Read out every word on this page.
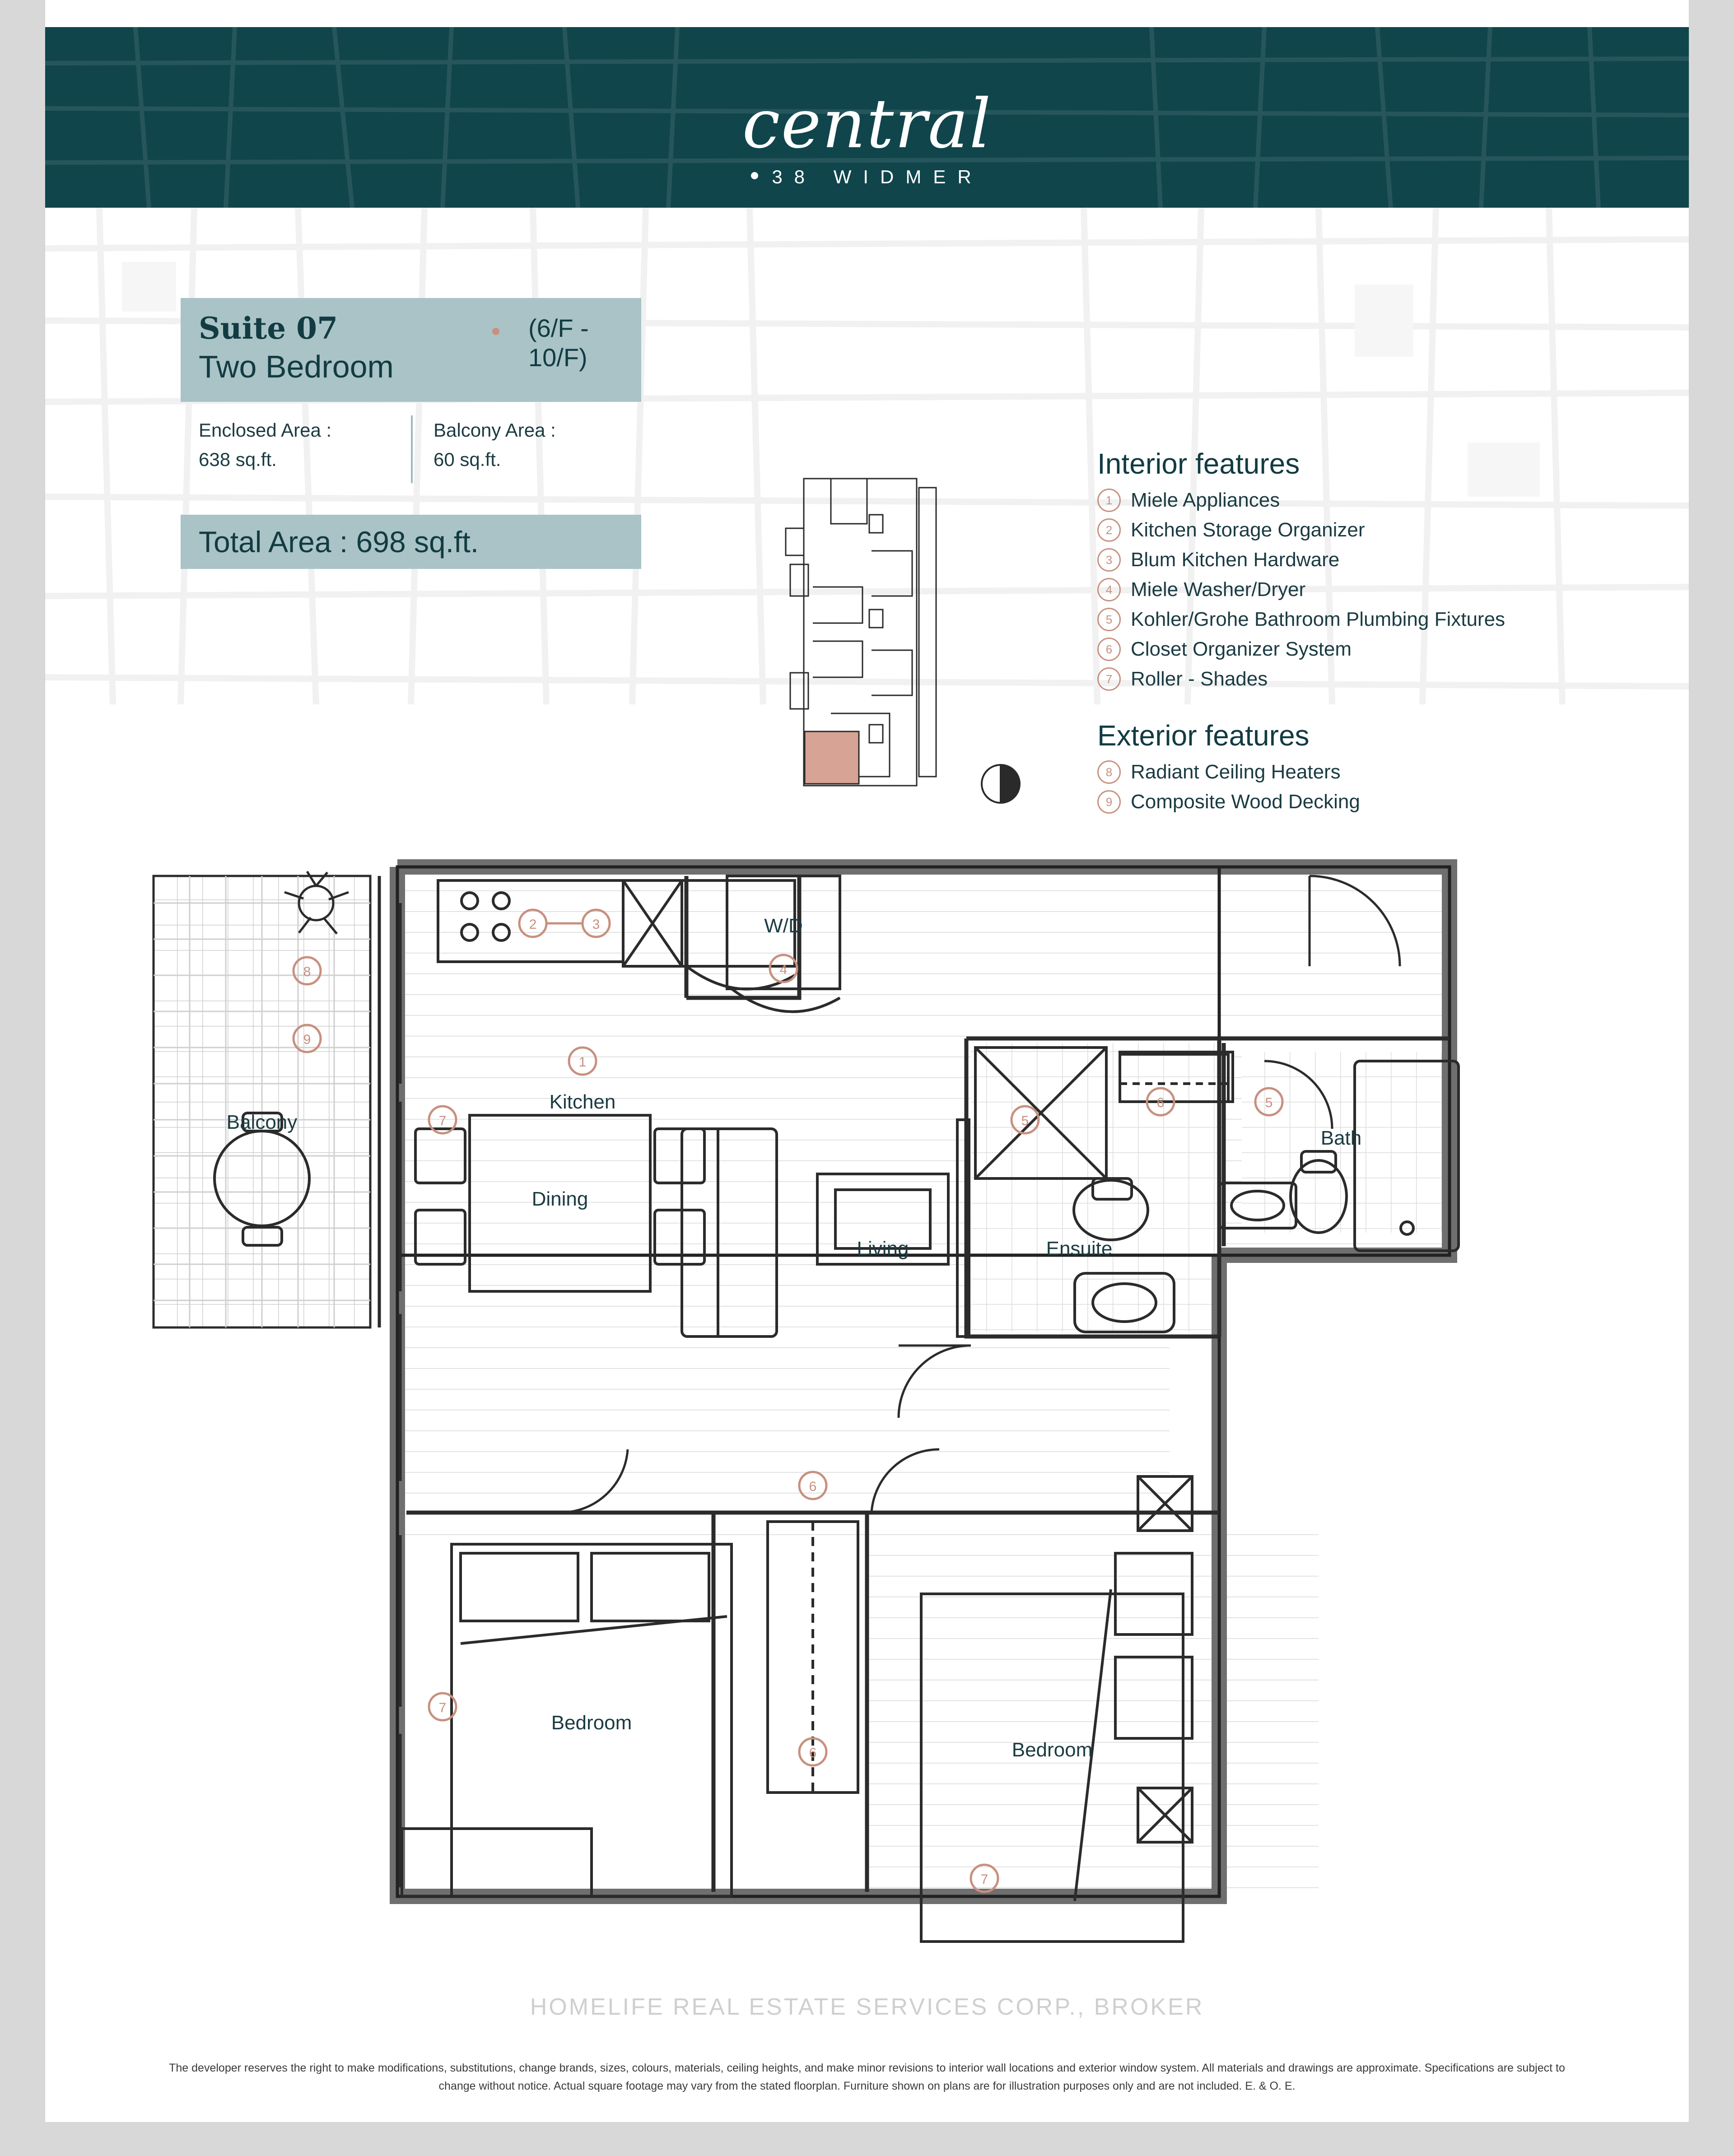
central
38 WIDMER
Suite 07	(6/F - 10/F)
Two Bedroom
Enclosed Area :
638 sq.ft.
Balcony Area :
60 sq.ft.
Total Area : 698 sq.ft.
Interior features
1 Miele Appliances
2 Kitchen Storage Organizer
3 Blum Kitchen Hardware
4 Miele Washer/Dryer
5 Kohler/Grohe Bathroom Plumbing Fixtures
6 Closet Organizer System
7 Roller - Shades
Exterior features
8 Radiant Ceiling Heaters
9 Composite Wood Decking
Balcony
Kitchen
W/D
Dining
Living	Ensuite
Bath
Bedroom
Bedroom
1
2	3
4
5
5
6
6
6
9
8
7
7
7
HOMELIFE REAL ESTATE SERVICES CORP., BROKER
The developer reserves the right to make modifications, substitutions, change brands, sizes, colours, materials, ceiling heights, and make minor revisions to interior wall locations and exterior window system. All materials and drawings are approximate. Specifications are subject to change without notice. Actual square footage may vary from the stated floorplan. Furniture shown on plans are for illustration purposes only and are not included. E. & O. E.
